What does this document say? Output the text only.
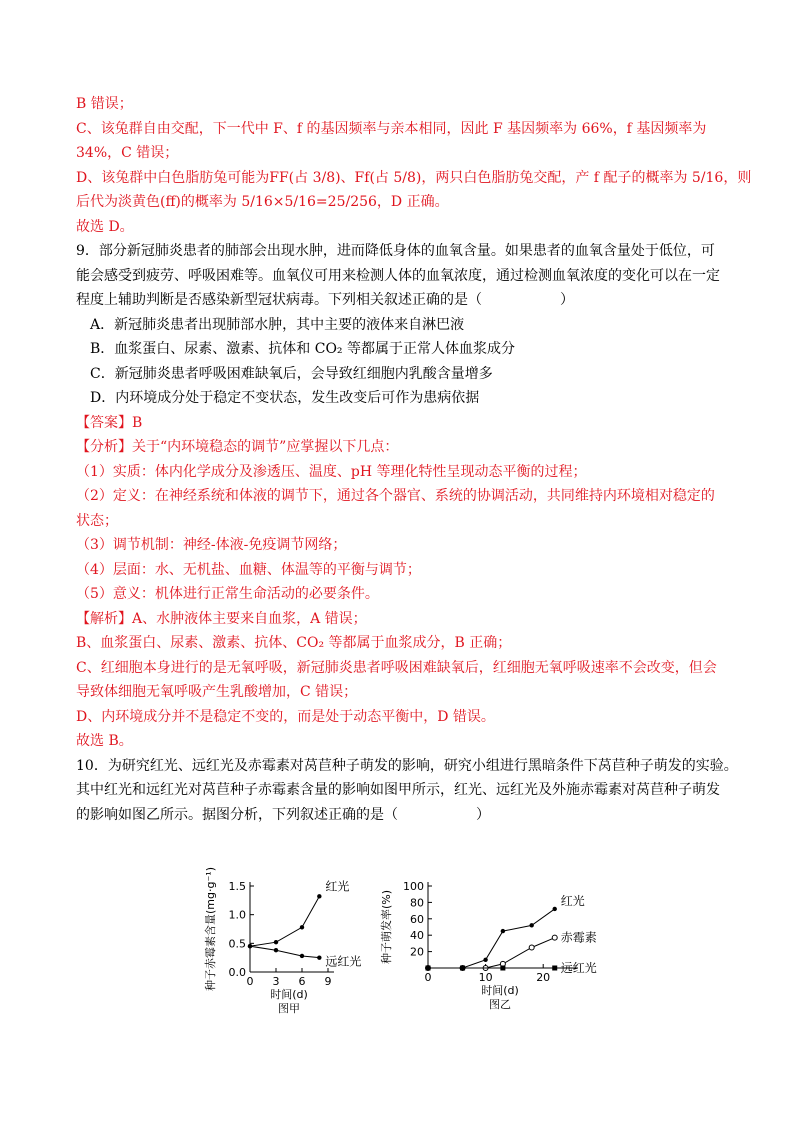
B 错误；

C、该兔群自由交配，下一代中 F、f 的基因频率与亲本相同，因此 F 基因频率为 66%，f 基因频率为

34%，C 错误；

D、该兔群中白色脂肪兔可能为FF(占 3/8)、Ff(占 5/8)，两只白色脂肪兔交配，产 f 配子的概率为 5/16，则

后代为淡黄色(ff)的概率为 5/16×5/16=25/256，D 正确。

故选 D。

9．部分新冠肺炎患者的肺部会出现水肿，进而降低身体的血氧含量。如果患者的血氧含量处于低位，可

能会感受到疲劳、呼吸困难等。血氧仪可用来检测人体的血氧浓度，通过检测血氧浓度的变化可以在一定

程度上辅助判断是否感染新型冠状病毒。下列相关叙述正确的是（	）

A．新冠肺炎患者出现肺部水肿，其中主要的液体来自淋巴液

B．血浆蛋白、尿素、激素、抗体和 CO₂ 等都属于正常人体血浆成分

C．新冠肺炎患者呼吸困难缺氧后，会导致红细胞内乳酸含量增多

D．内环境成分处于稳定不变状态，发生改变后可作为患病依据

【答案】B

【分析】关于“内环境稳态的调节”应掌握以下几点：

（1）实质：体内化学成分及渗透压、温度、pH 等理化特性呈现动态平衡的过程；

（2）定义：在神经系统和体液的调节下，通过各个器官、系统的协调活动，共同维持内环境相对稳定的

状态；

（3）调节机制：神经-体液-免疫调节网络；

（4）层面：水、无机盐、血糖、体温等的平衡与调节；

（5）意义：机体进行正常生命活动的必要条件。

【解析】A、水肿液体主要来自血浆，A 错误；

B、血浆蛋白、尿素、激素、抗体、CO₂ 等都属于血浆成分，B 正确；

C、红细胞本身进行的是无氧呼吸，新冠肺炎患者呼吸困难缺氧后，红细胞无氧呼吸速率不会改变，但会

导致体细胞无氧呼吸产生乳酸增加，C 错误；

D、内环境成分并不是稳定不变的，而是处于动态平衡中，D 错误。

故选 B。

10．为研究红光、远红光及赤霉素对莴苣种子萌发的影响，研究小组进行黑暗条件下莴苣种子萌发的实验。

其中红光和远红光对莴苣种子赤霉素含量的影响如图甲所示，红光、远红光及外施赤霉素对莴苣种子萌发

的影响如图乙所示。据图分析，下列叙述正确的是（	）

0.0
0.5
1.0
1.5
0 3 6 9
时间(d)
图甲
种子赤霉素含量(mg·g⁻¹)	红光
远红光
20
40
60
80
100
0	10	20
时间(d)
图乙
种子萌发率(%)	红光
赤霉素
远红光
